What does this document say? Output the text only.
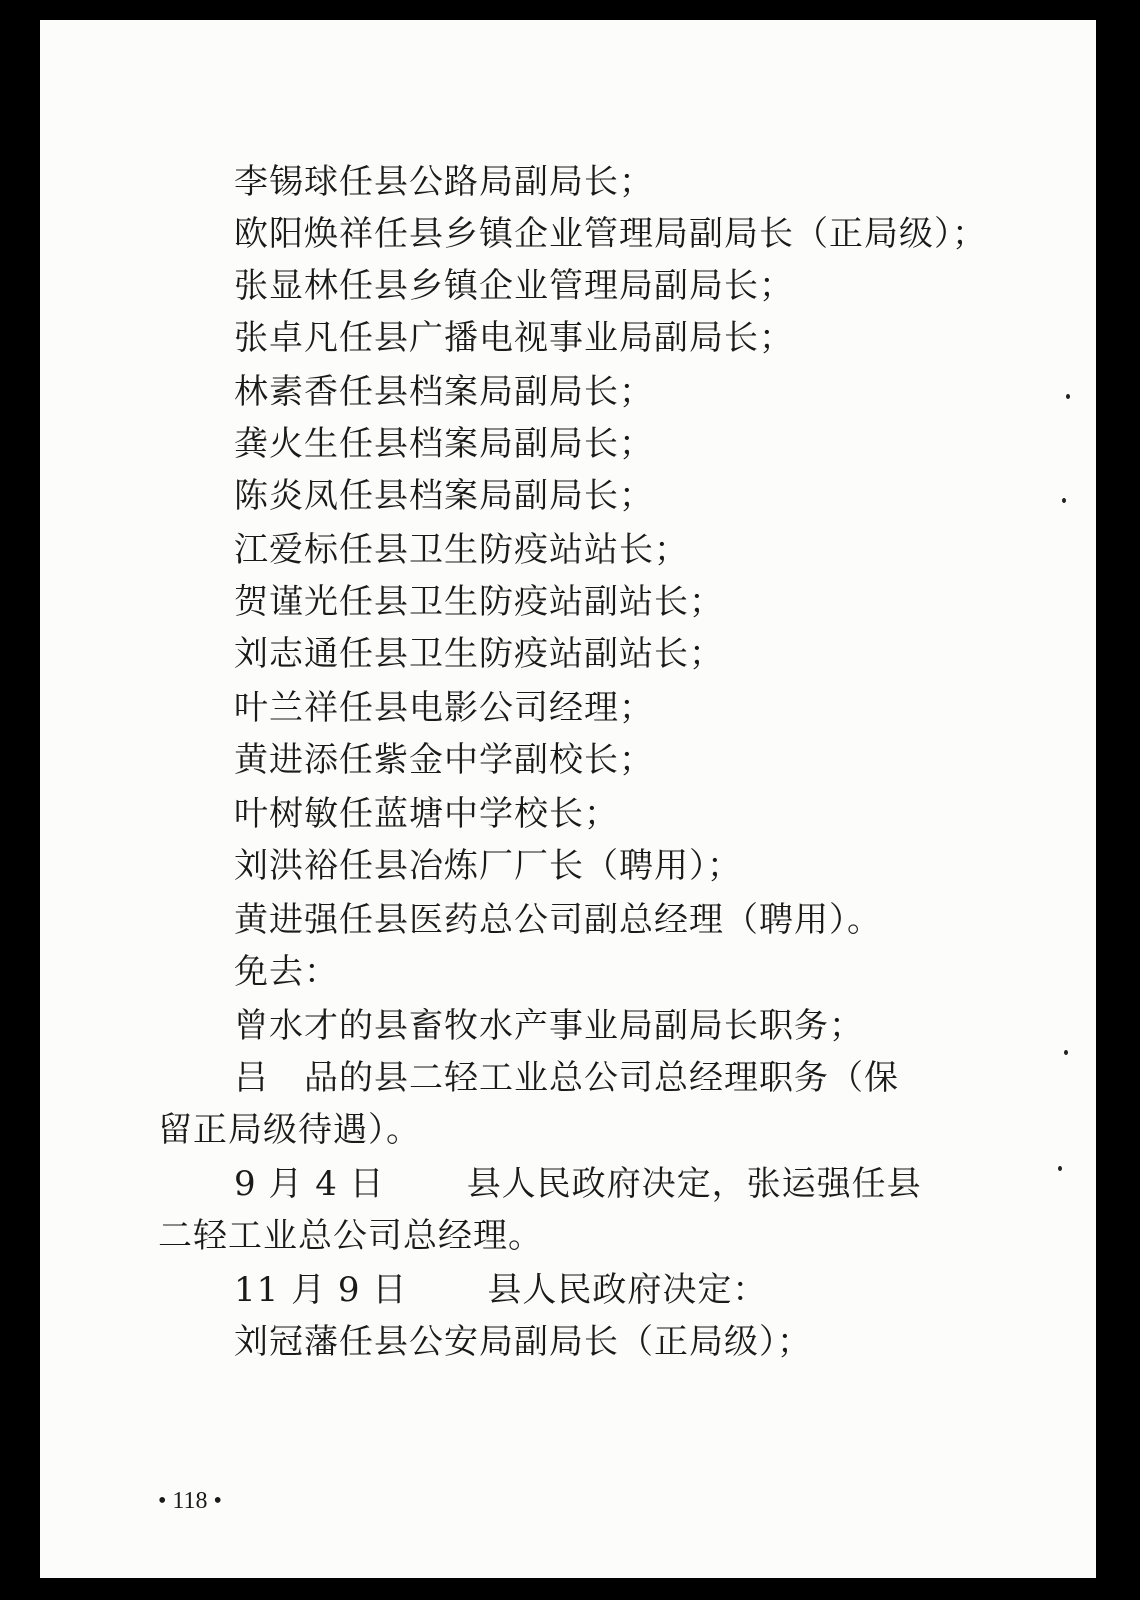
李锡球任县公路局副局长；
欧阳焕祥任县乡镇企业管理局副局长（正局级）；
张显林任县乡镇企业管理局副局长；
张卓凡任县广播电视事业局副局长；
林素香任县档案局副局长；
龚火生任县档案局副局长；
陈炎凤任县档案局副局长；
江爱标任县卫生防疫站站长；
贺谨光任县卫生防疫站副站长；
刘志通任县卫生防疫站副站长；
叶兰祥任县电影公司经理；
黄进添任紫金中学副校长；
叶树敏任蓝塘中学校长；
刘洪裕任县冶炼厂厂长（聘用）；
黄进强任县医药总公司副总经理（聘用）。
免去：
曾水才的县畜牧水产事业局副局长职务；
吕　品的县二轻工业总公司总经理职务（保
留正局级待遇）。
9 月 4 日 县人民政府决定，张运强任县
二轻工业总公司总经理。
11 月 9 日 县人民政府决定：
刘冠藩任县公安局副局长（正局级）；
• 118 •
